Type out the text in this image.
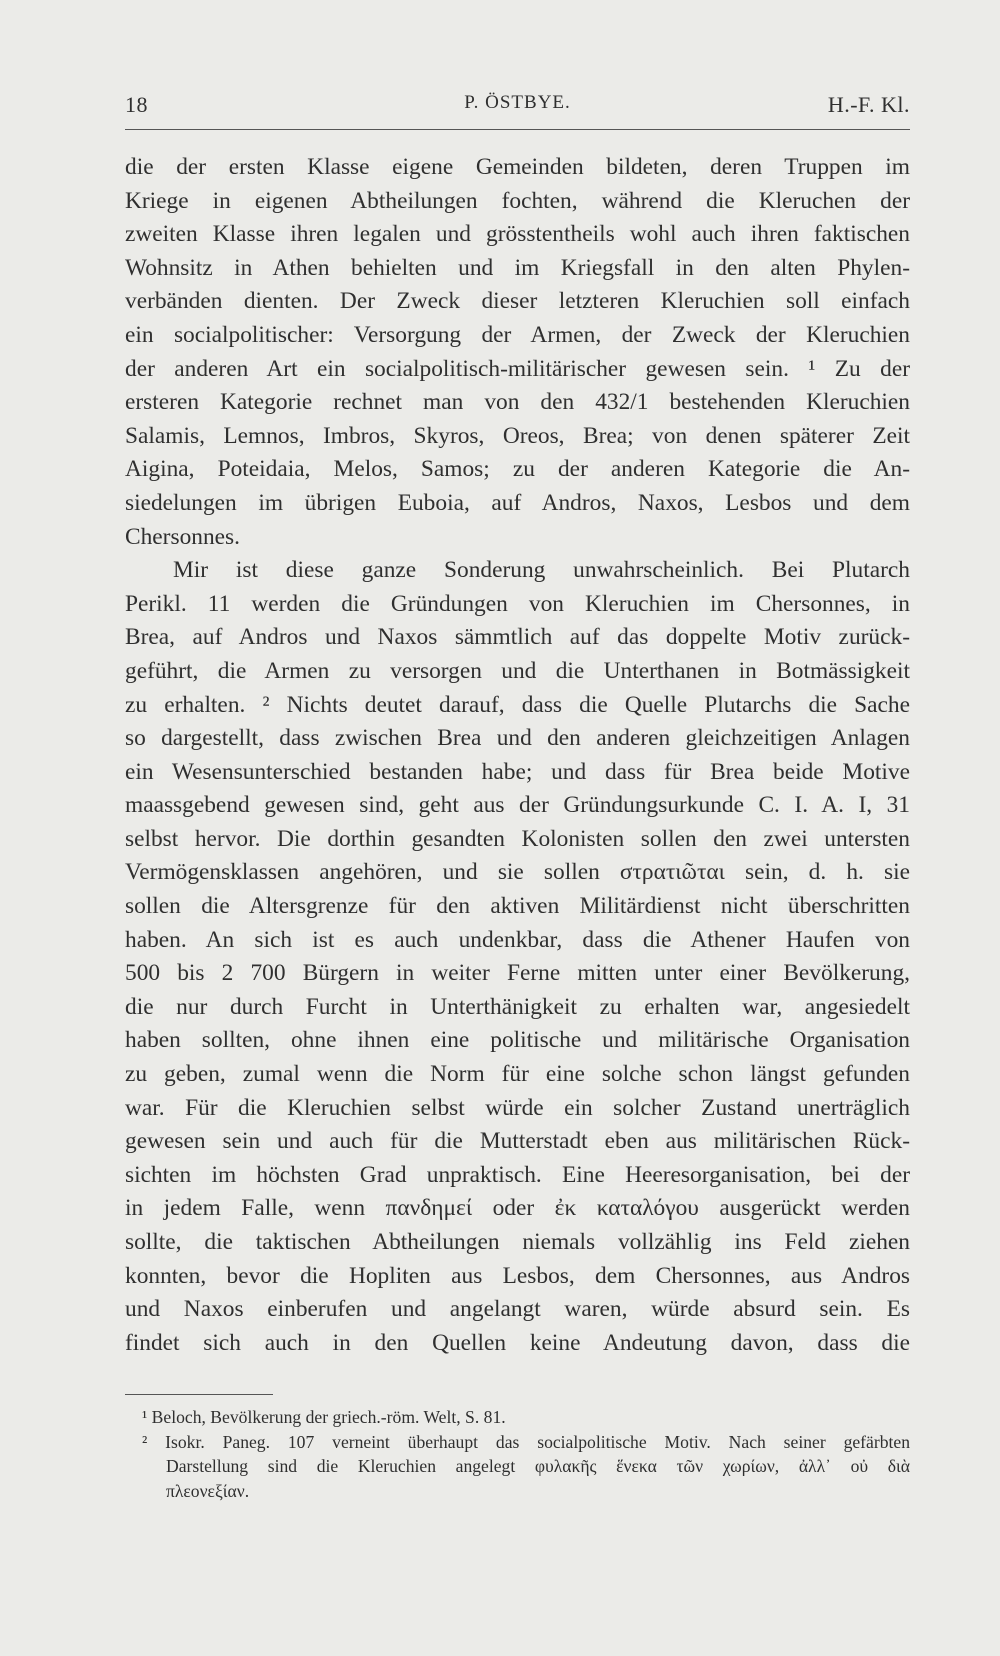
18	P. ÖSTBYE.	H.-F. Kl.
die der ersten Klasse eigene Gemeinden bildeten, deren Truppen im
Kriege in eigenen Abtheilungen fochten, während die Kleruchen der
zweiten Klasse ihren legalen und grösstentheils wohl auch ihren faktischen
Wohnsitz in Athen behielten und im Kriegsfall in den alten Phylen-
verbänden dienten. Der Zweck dieser letzteren Kleruchien soll einfach
ein socialpolitischer: Versorgung der Armen, der Zweck der Kleruchien
der anderen Art ein socialpolitisch-militärischer gewesen sein. ¹ Zu der
ersteren Kategorie rechnet man von den 432/1 bestehenden Kleruchien
Salamis, Lemnos, Imbros, Skyros, Oreos, Brea; von denen späterer Zeit
Aigina, Poteidaia, Melos, Samos; zu der anderen Kategorie die An-
siedelungen im übrigen Euboia, auf Andros, Naxos, Lesbos und dem
Chersonnes.
Mir ist diese ganze Sonderung unwahrscheinlich. Bei Plutarch
Perikl. 11 werden die Gründungen von Kleruchien im Chersonnes, in
Brea, auf Andros und Naxos sämmtlich auf das doppelte Motiv zurück-
geführt, die Armen zu versorgen und die Unterthanen in Botmässigkeit
zu erhalten. ² Nichts deutet darauf, dass die Quelle Plutarchs die Sache
so dargestellt, dass zwischen Brea und den anderen gleichzeitigen Anlagen
ein Wesensunterschied bestanden habe; und dass für Brea beide Motive
maassgebend gewesen sind, geht aus der Gründungsurkunde C. I. A. I, 31
selbst hervor. Die dorthin gesandten Kolonisten sollen den zwei untersten
Vermögensklassen angehören, und sie sollen στρατιῶται sein, d. h. sie
sollen die Altersgrenze für den aktiven Militärdienst nicht überschritten
haben. An sich ist es auch undenkbar, dass die Athener Haufen von
500 bis 2 700 Bürgern in weiter Ferne mitten unter einer Bevölkerung,
die nur durch Furcht in Unterthänigkeit zu erhalten war, angesiedelt
haben sollten, ohne ihnen eine politische und militärische Organisation
zu geben, zumal wenn die Norm für eine solche schon längst gefunden
war. Für die Kleruchien selbst würde ein solcher Zustand unerträglich
gewesen sein und auch für die Mutterstadt eben aus militärischen Rück-
sichten im höchsten Grad unpraktisch. Eine Heeresorganisation, bei der
in jedem Falle, wenn πανδημεί oder ἐκ καταλόγου ausgerückt werden
sollte, die taktischen Abtheilungen niemals vollzählig ins Feld ziehen
konnten, bevor die Hopliten aus Lesbos, dem Chersonnes, aus Andros
und Naxos einberufen und angelangt waren, würde absurd sein. Es
findet sich auch in den Quellen keine Andeutung davon, dass die
¹ Beloch, Bevölkerung der griech.-röm. Welt, S. 81.
² Isokr. Paneg. 107 verneint überhaupt das socialpolitische Motiv. Nach seiner gefärbten
Darstellung sind die Kleruchien angelegt φυλακῆς ἕνεκα τῶν χωρίων, ἀλλ᾽ οὐ διὰ
πλεονεξίαν.
